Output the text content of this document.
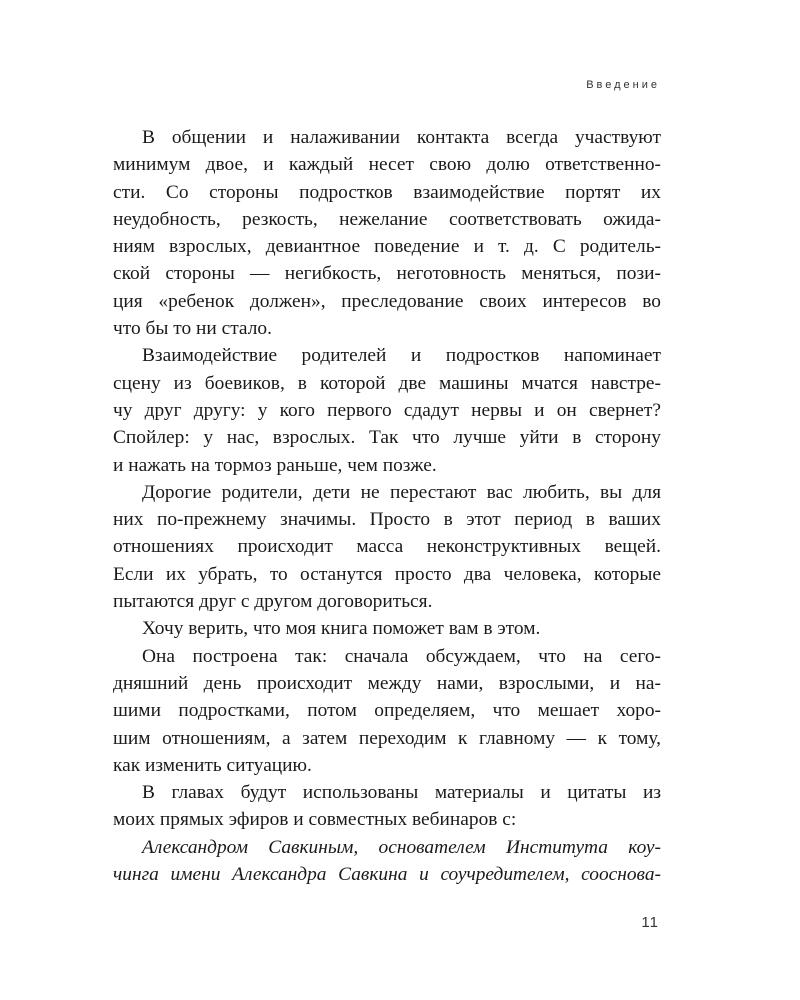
Введение
В общении и налаживании контакта всегда участвуют
минимум двое, и каждый несет свою долю ответственно-
сти. Со стороны подростков взаимодействие портят их
неудобность, резкость, нежелание соответствовать ожида-
ниям взрослых, девиантное поведение и т. д. С родитель-
ской стороны — негибкость, неготовность меняться, пози-
ция «ребенок должен», преследование своих интересов во
что бы то ни стало.
Взаимодействие родителей и подростков напоминает
сцену из боевиков, в которой две машины мчатся навстре-
чу друг другу: у кого первого сдадут нервы и он свернет?
Спойлер: у нас, взрослых. Так что лучше уйти в сторону
и нажать на тормоз раньше, чем позже.
Дорогие родители, дети не перестают вас любить, вы для
них по-прежнему значимы. Просто в этот период в ваших
отношениях происходит масса неконструктивных вещей.
Если их убрать, то останутся просто два человека, которые
пытаются друг с другом договориться.
Хочу верить, что моя книга поможет вам в этом.
Она построена так: сначала обсуждаем, что на сего-
дняшний день происходит между нами, взрослыми, и на-
шими подростками, потом определяем, что мешает хоро-
шим отношениям, а затем переходим к главному — к тому,
как изменить ситуацию.
В главах будут использованы материалы и цитаты из
моих прямых эфиров и совместных вебинаров с:
Александром Савкиным, основателем Института коу-
чинга имени Александра Савкина и соучредителем, сооснова-
11
